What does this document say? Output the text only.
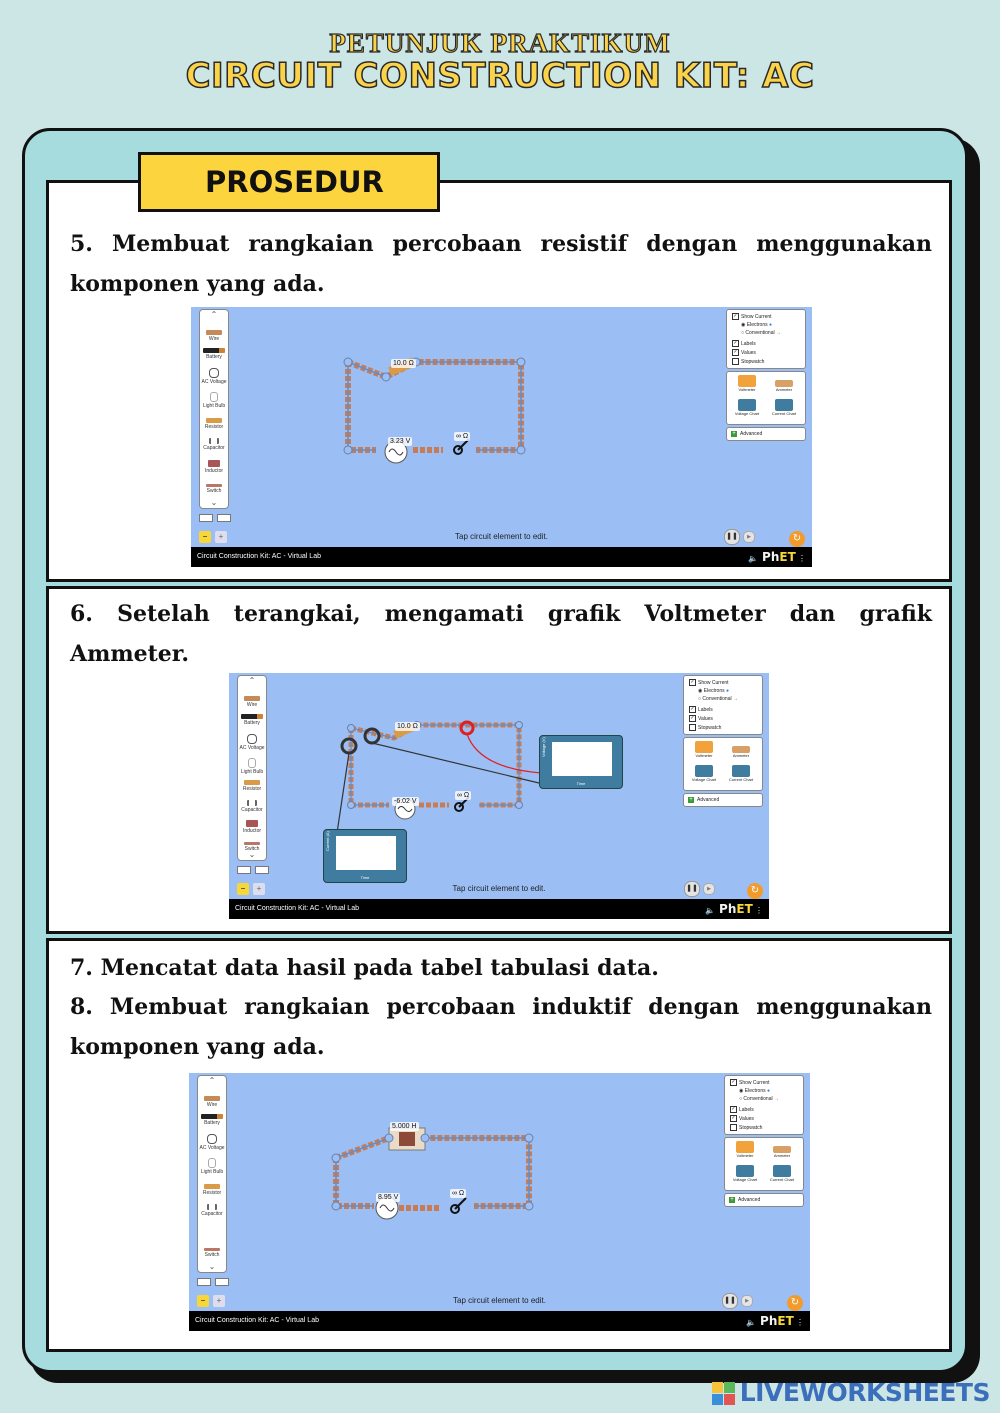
PETUNJUK PRAKTIKUM
CIRCUIT CONSTRUCTION KIT: AC
PROSEDUR
5. Membuat rangkaian percobaan resistif dengan menggunakan komponen yang ada.
6. Setelah terangkai, mengamati grafik Voltmeter dan grafik Ammeter.
7. Mencatat data hasil pada tabel tabulasi data.
8. Membuat rangkaian percobaan induktif dengan menggunakan komponen yang ada.
⌃
Wire
Battery
AC Voltage
Light Bulb
Resistor
Capacitor
Inductor
Switch
⌄
10.0 Ω
3.23 V
∞ Ω
✓ Show Current
◉ Electrons ●
○ Conventional →
✓ Labels
✓ Values
Stopwatch
Voltmeter	Ammeter
Voltage Chart	Current Chart
+ Advanced
−	+	Tap circuit element to edit.	❚❚	▶	↻
Circuit Construction Kit: AC - Virtual Lab	🔈 PhET ⋮
⌃
Wire
Battery
AC Voltage
Light Bulb
Resistor
Capacitor
Inductor
Switch
⌄
10.0 Ω
-6.02 V
∞ Ω
Voltage (V)
Time
Current (A)
Time
✓ Show Current
◉ Electrons ●
○ Conventional →
✓ Labels
✓ Values
Stopwatch
Voltmeter	Ammeter
Voltage Chart	Current Chart
+ Advanced
−	+	Tap circuit element to edit.	❚❚	▶	↻
Circuit Construction Kit: AC - Virtual Lab	🔈 PhET ⋮
⌃
Wire
Battery
AC Voltage
Light Bulb
Resistor
Capacitor
Switch
⌄
5.000 H
8.95 V
∞ Ω
✓ Show Current
◉ Electrons ●
○ Conventional →
✓ Labels
✓ Values
Stopwatch
Voltmeter	Ammeter
Voltage Chart	Current Chart
+ Advanced
−	+	Tap circuit element to edit.	❚❚	▶	↻
Circuit Construction Kit: AC - Virtual Lab	🔈 PhET ⋮
LIVEWORKSHEETS
